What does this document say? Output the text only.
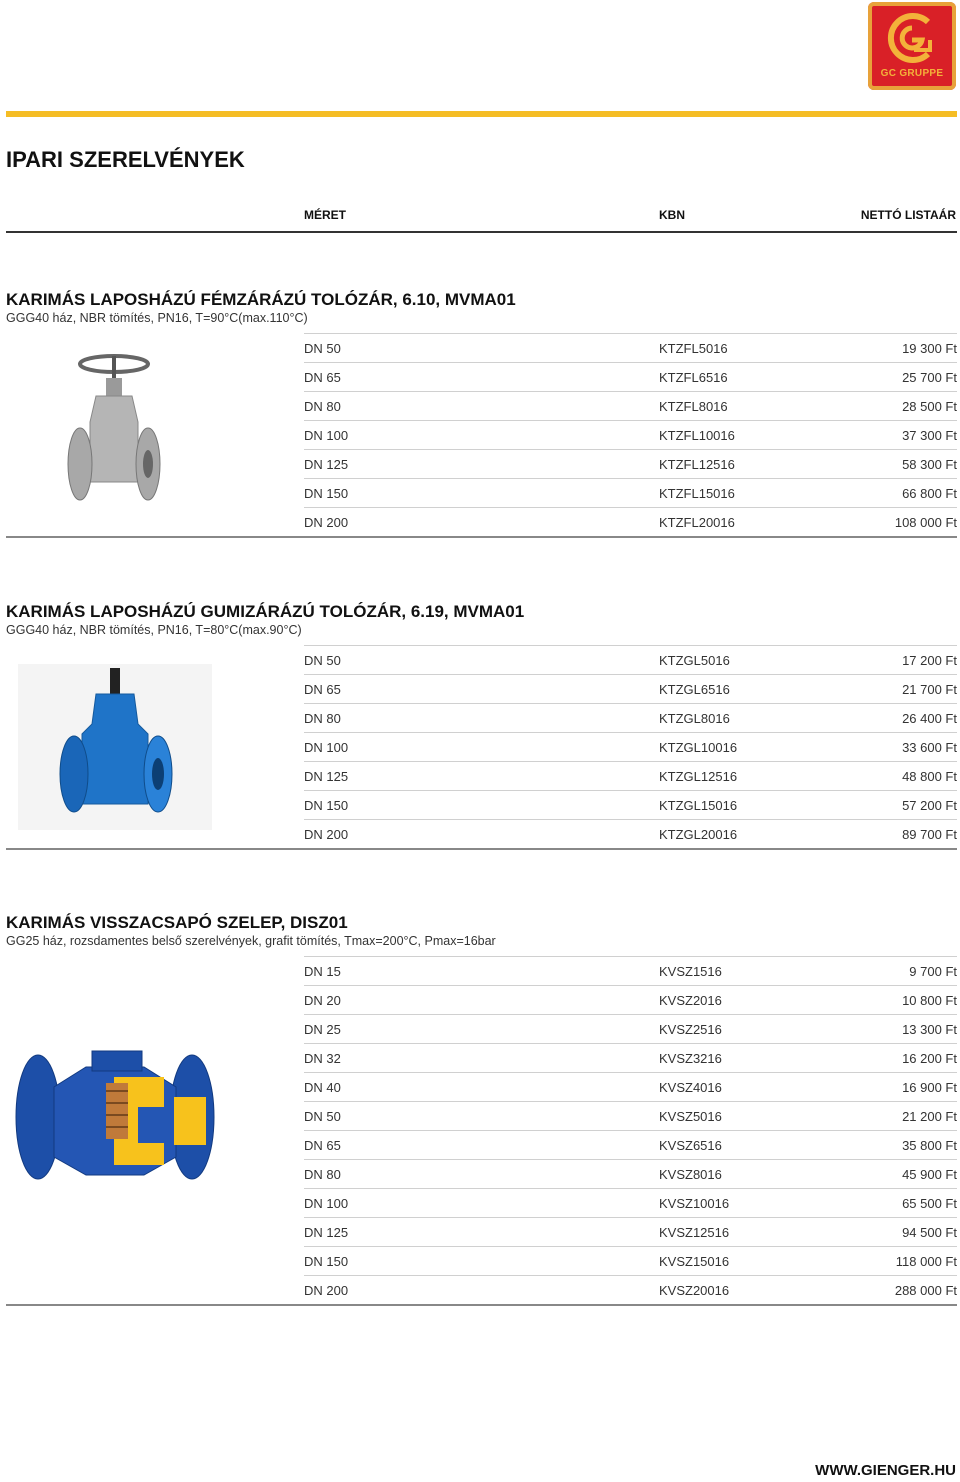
GC GRUPPE
IPARI SZERELVÉNYEK
MÉRET	KBN	NETTÓ LISTAÁR
KARIMÁS LAPOSHÁZÚ FÉMZÁRÁZÚ TOLÓZÁR, 6.10, MVMA01
GGG40 ház, NBR tömítés, PN16, T=90°C(max.110°C)
DN 50	KTZFL5016	19 300 Ft
DN 65	KTZFL6516	25 700 Ft
DN 80	KTZFL8016	28 500 Ft
DN 100	KTZFL10016	37 300 Ft
DN 125	KTZFL12516	58 300 Ft
DN 150	KTZFL15016	66 800 Ft
DN 200	KTZFL20016	108 000 Ft
KARIMÁS LAPOSHÁZÚ GUMIZÁRÁZÚ TOLÓZÁR, 6.19, MVMA01
GGG40 ház, NBR tömítés, PN16, T=80°C(max.90°C)
DN 50	KTZGL5016	17 200 Ft
DN 65	KTZGL6516	21 700 Ft
DN 80	KTZGL8016	26 400 Ft
DN 100	KTZGL10016	33 600 Ft
DN 125	KTZGL12516	48 800 Ft
DN 150	KTZGL15016	57 200 Ft
DN 200	KTZGL20016	89 700 Ft
KARIMÁS VISSZACSAPÓ SZELEP, DISZ01
GG25 ház, rozsdamentes belső szerelvények, grafit tömítés, Tmax=200°C, Pmax=16bar
DN 15	KVSZ1516	9 700 Ft
DN 20	KVSZ2016	10 800 Ft
DN 25	KVSZ2516	13 300 Ft
DN 32	KVSZ3216	16 200 Ft
DN 40	KVSZ4016	16 900 Ft
DN 50	KVSZ5016	21 200 Ft
DN 65	KVSZ6516	35 800 Ft
DN 80	KVSZ8016	45 900 Ft
DN 100	KVSZ10016	65 500 Ft
DN 125	KVSZ12516	94 500 Ft
DN 150	KVSZ15016	118 000 Ft
DN 200	KVSZ20016	288 000 Ft
WWW.GIENGER.HU
